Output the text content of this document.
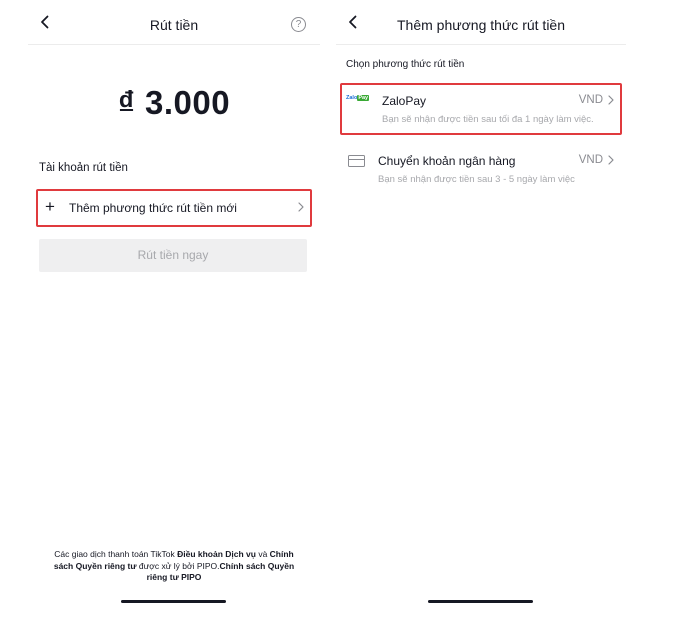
Rút tiền	?
₫ 3.000
Tài khoản rút tiền
+ Thêm phương thức rút tiền mới
Rút tiền ngay
Các giao dịch thanh toán TikTok Điều khoản Dịch vụ và Chính sách Quyền riêng tư được xử lý bởi PIPO.Chính sách Quyền riêng tư PIPO
Thêm phương thức rút tiền
Chọn phương thức rút tiền
ZaloPay	ZaloPay	VND
Bạn sẽ nhận được tiền sau tối đa 1 ngày làm việc.
Chuyển khoản ngân hàng	VND
Bạn sẽ nhận được tiền sau 3 - 5 ngày làm việc
